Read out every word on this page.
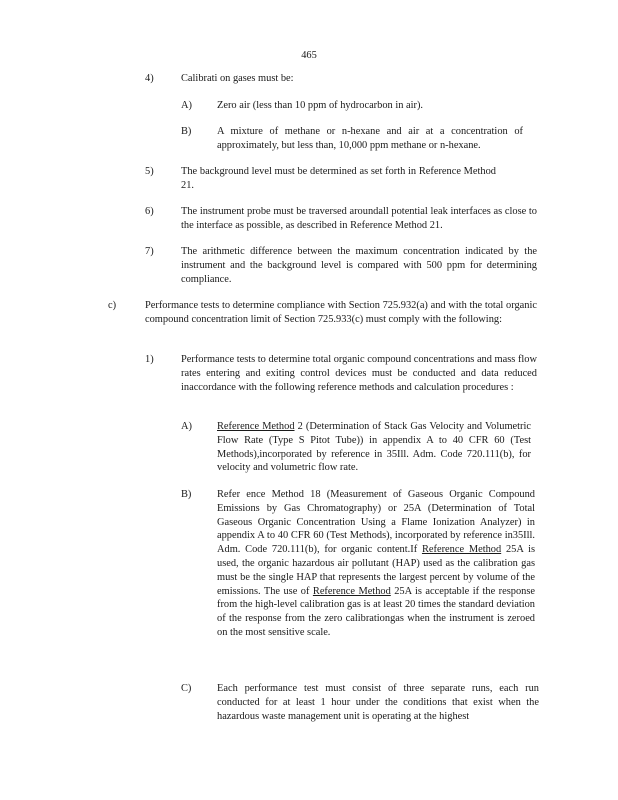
465
4)	Calibrati on gases must be:
A) Zero air (less than 10 ppm of hydrocarbon in air).
B) A mixture of methane or n-hexane and air at a concentration of approximately, but less than, 10,000 ppm methane or n-hexane.
5)	The background level must be determined as set forth in Reference Method 21.
6)	The instrument probe must be traversed aroundall potential leak interfaces as close to the interface as possible, as described in Reference Method 21.
7)	The arithmetic difference between the maximum concentration indicated by the instrument and the background level is compared with 500 ppm for determining compliance.
c)	Performance tests to determine compliance with Section 725.932(a) and with the total organic compound concentration limit of Section 725.933(c) must comply with the following:
1)	Performance tests to determine total organic compound concentrations and mass flow rates entering and exiting control devices must be conducted and data reduced inaccordance with the following reference methods and calculation procedures :
A) Reference Method 2 (Determination of Stack Gas Velocity and Volumetric Flow Rate (Type S Pitot Tube)) in appendix A to 40 CFR 60 (Test Methods),incorporated by reference in 35Ill. Adm. Code 720.111(b), for velocity and volumetric flow rate.
B) Refer ence Method 18 (Measurement of Gaseous Organic Compound Emissions by Gas Chromatography) or 25A (Determination of Total Gaseous Organic Concentration Using a Flame Ionization Analyzer) in appendix A to 40 CFR 60 (Test Methods), incorporated by reference in35Ill. Adm. Code 720.111(b), for organic content.If Reference Method 25A is used, the organic hazardous air pollutant (HAP) used as the calibration gas must be the single HAP that represents the largest percent by volume of the emissions. The use of Reference Method 25A is acceptable if the response from the high-level calibration gas is at least 20 times the standard deviation of the response from the zero calibrationgas when the instrument is zeroed on the most sensitive scale.
C) Each performance test must consist of three separate runs, each run conducted for at least 1 hour under the conditions that exist when the hazardous waste management unit is operating at the highest
